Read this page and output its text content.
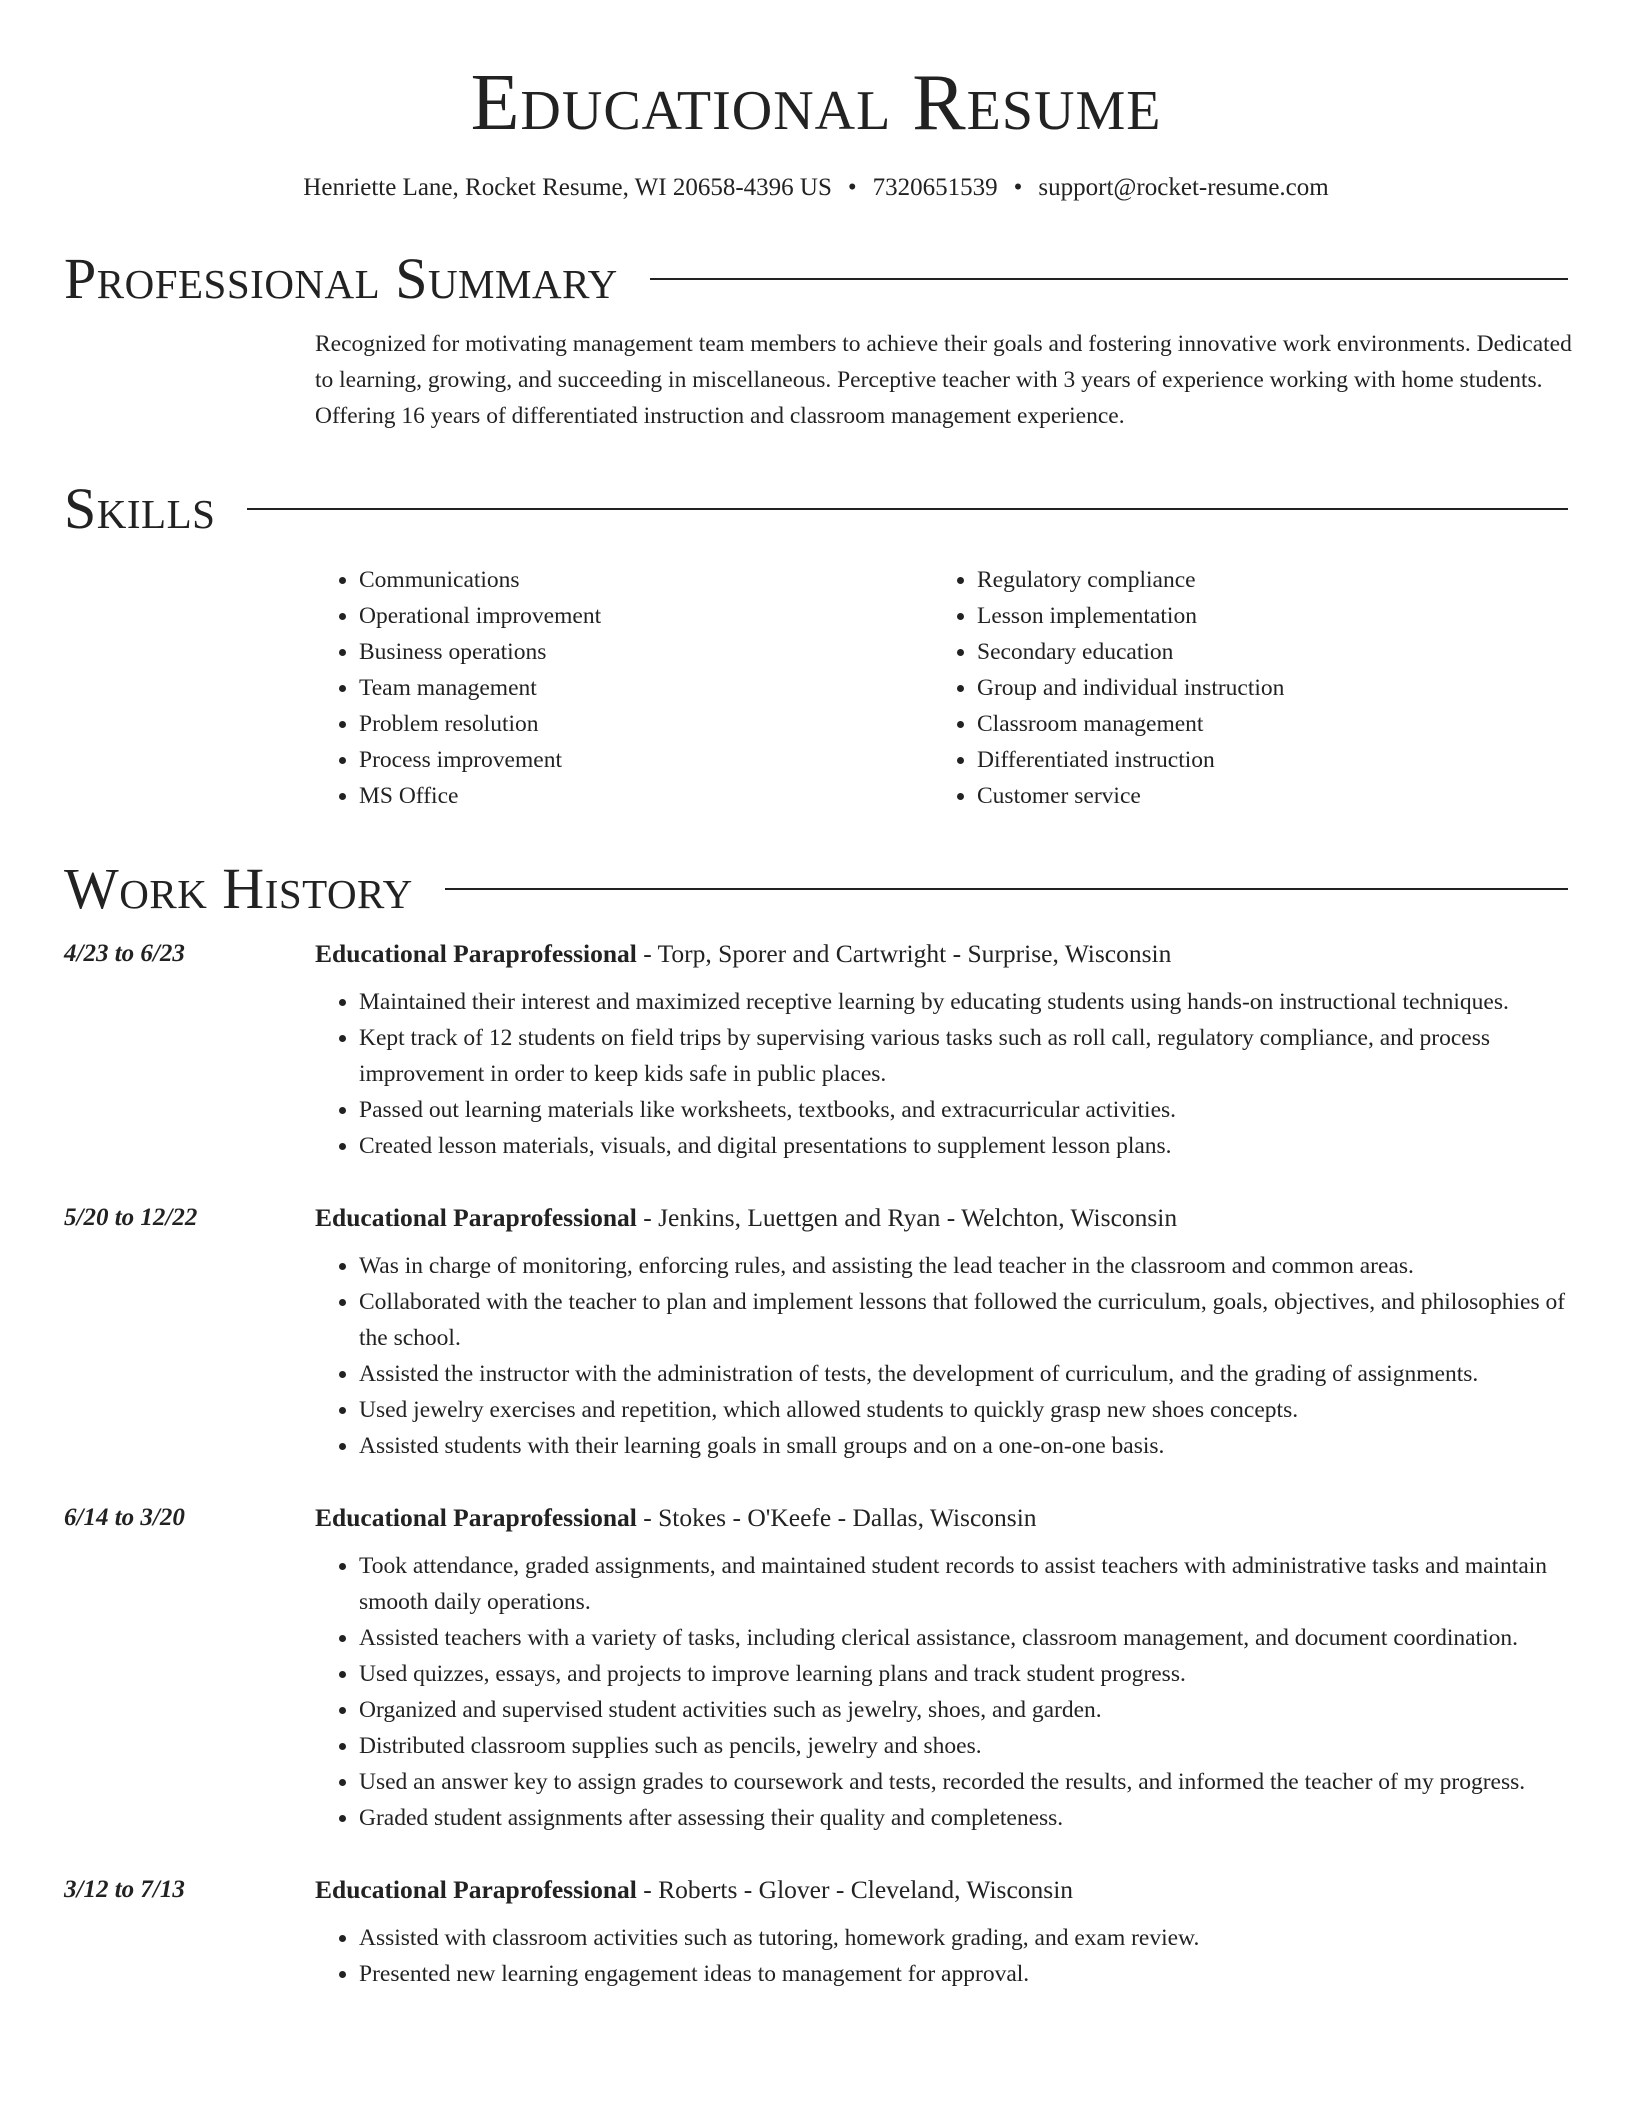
Educational Resume
Henriette Lane, Rocket Resume, WI 20658-4396 US • 7320651539 • support@rocket-resume.com
Professional Summary
Recognized for motivating management team members to achieve their goals and fostering innovative work environments. Dedicated to learning, growing, and succeeding in miscellaneous. Perceptive teacher with 3 years of experience working with home students. Offering 16 years of differentiated instruction and classroom management experience.
Skills
• Communications
• Operational improvement
• Business operations
• Team management
• Problem resolution
• Process improvement
• MS Office
• Regulatory compliance
• Lesson implementation
• Secondary education
• Group and individual instruction
• Classroom management
• Differentiated instruction
• Customer service
Work History
4/23 to 6/23	Educational Paraprofessional - Torp, Sporer and Cartwright - Surprise, Wisconsin
• Maintained their interest and maximized receptive learning by educating students using hands-on instructional techniques.
• Kept track of 12 students on field trips by supervising various tasks such as roll call, regulatory compliance, and process improvement in order to keep kids safe in public places.
• Passed out learning materials like worksheets, textbooks, and extracurricular activities.
• Created lesson materials, visuals, and digital presentations to supplement lesson plans.
5/20 to 12/22	Educational Paraprofessional - Jenkins, Luettgen and Ryan - Welchton, Wisconsin
• Was in charge of monitoring, enforcing rules, and assisting the lead teacher in the classroom and common areas.
• Collaborated with the teacher to plan and implement lessons that followed the curriculum, goals, objectives, and philosophies of the school.
• Assisted the instructor with the administration of tests, the development of curriculum, and the grading of assignments.
• Used jewelry exercises and repetition, which allowed students to quickly grasp new shoes concepts.
• Assisted students with their learning goals in small groups and on a one-on-one basis.
6/14 to 3/20	Educational Paraprofessional - Stokes - O'Keefe - Dallas, Wisconsin
• Took attendance, graded assignments, and maintained student records to assist teachers with administrative tasks and maintain smooth daily operations.
• Assisted teachers with a variety of tasks, including clerical assistance, classroom management, and document coordination.
• Used quizzes, essays, and projects to improve learning plans and track student progress.
• Organized and supervised student activities such as jewelry, shoes, and garden.
• Distributed classroom supplies such as pencils, jewelry and shoes.
• Used an answer key to assign grades to coursework and tests, recorded the results, and informed the teacher of my progress.
• Graded student assignments after assessing their quality and completeness.
3/12 to 7/13	Educational Paraprofessional - Roberts - Glover - Cleveland, Wisconsin
• Assisted with classroom activities such as tutoring, homework grading, and exam review.
• Presented new learning engagement ideas to management for approval.
